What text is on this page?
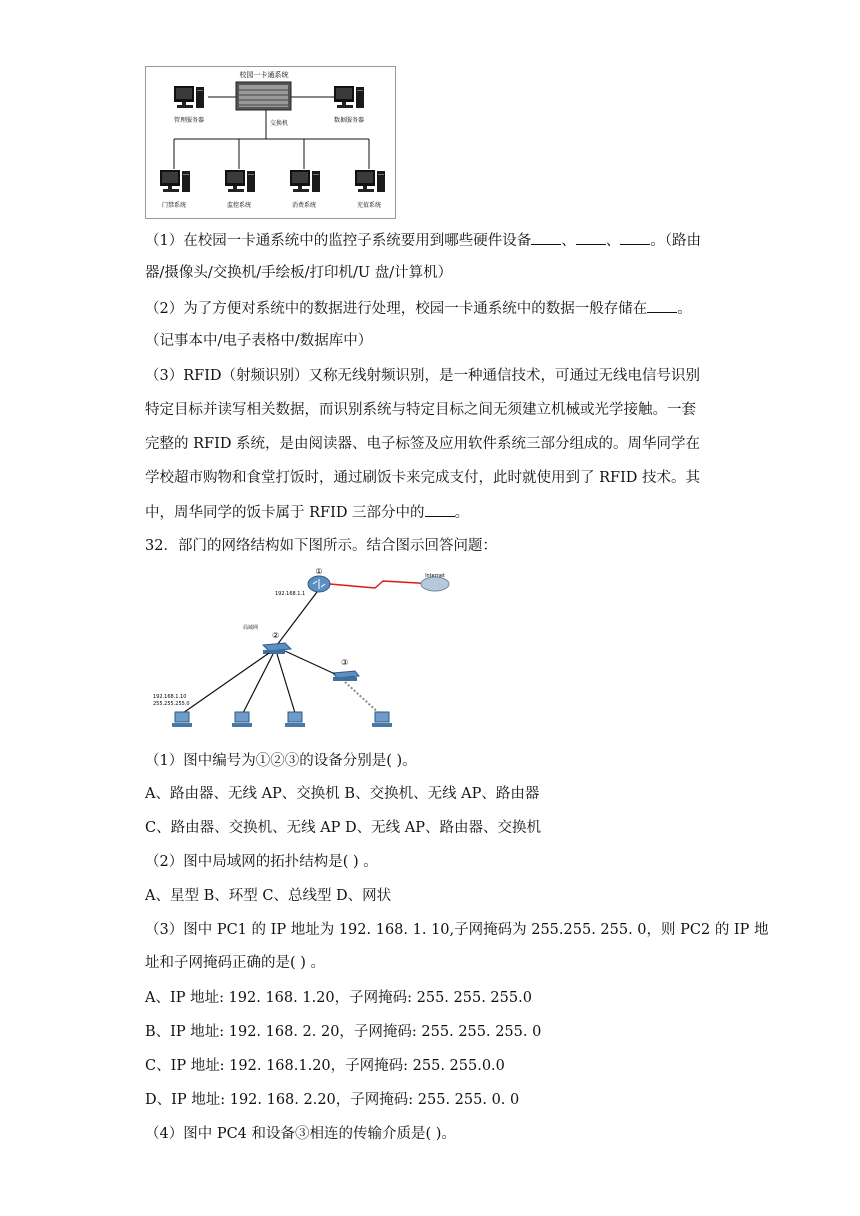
校园一卡通系统
交换机
管理服务器	数据服务器
门禁系统	监控系统	消费系统	充值系统
（1）在校园一卡通系统中的监控子系统要用到哪些硬件设备 、 、 。（路由
器/摄像头/交换机/手绘板/打印机/U 盘/计算机）
（2）为了方便对系统中的数据进行处理，校园一卡通系统中的数据一般存储在 。
（记事本中/电子表格中/数据库中）
（3）RFID（射频识别）又称无线射频识别，是一种通信技术，可通过无线电信号识别
特定目标并读写相关数据，而识别系统与特定目标之间无须建立机械或光学接触。一套
完整的 RFID 系统，是由阅读器、电子标签及应用软件系统三部分组成的。周华同学在
学校超市购物和食堂打饭时，通过刷饭卡来完成支付，此时就使用到了 RFID 技术。其
中，周华同学的饭卡属于 RFID 三部分中的 。
32．部门的网络结构如下图所示。结合图示回答问题：
①
192.168.1.1
Internet
局域网
②
③
192.168.1.10
255.255.255.0
（1）图中编号为①②③的设备分别是( )。
A、路由器、无线 AP、交换机 B、交换机、无线 AP、路由器
C、路由器、交换机、无线 AP D、无线 AP、路由器、交换机
（2）图中局域网的拓扑结构是( ) 。
A、星型 B、环型 C、总线型 D、网状
（3）图中 PC1 的 IP 地址为 192. 168. 1. 10,子网掩码为 255.255. 255. 0，则 PC2 的 IP 地
址和子网掩码正确的是( ) 。
A、IP 地址: 192. 168. 1.20，子网掩码: 255. 255. 255.0
B、IP 地址: 192. 168. 2. 20，子网掩码: 255. 255. 255. 0
C、IP 地址: 192. 168.1.20，子网掩码: 255. 255.0.0
D、IP 地址: 192. 168. 2.20，子网掩码: 255. 255. 0. 0
（4）图中 PC4 和设备③相连的传输介质是( )。
